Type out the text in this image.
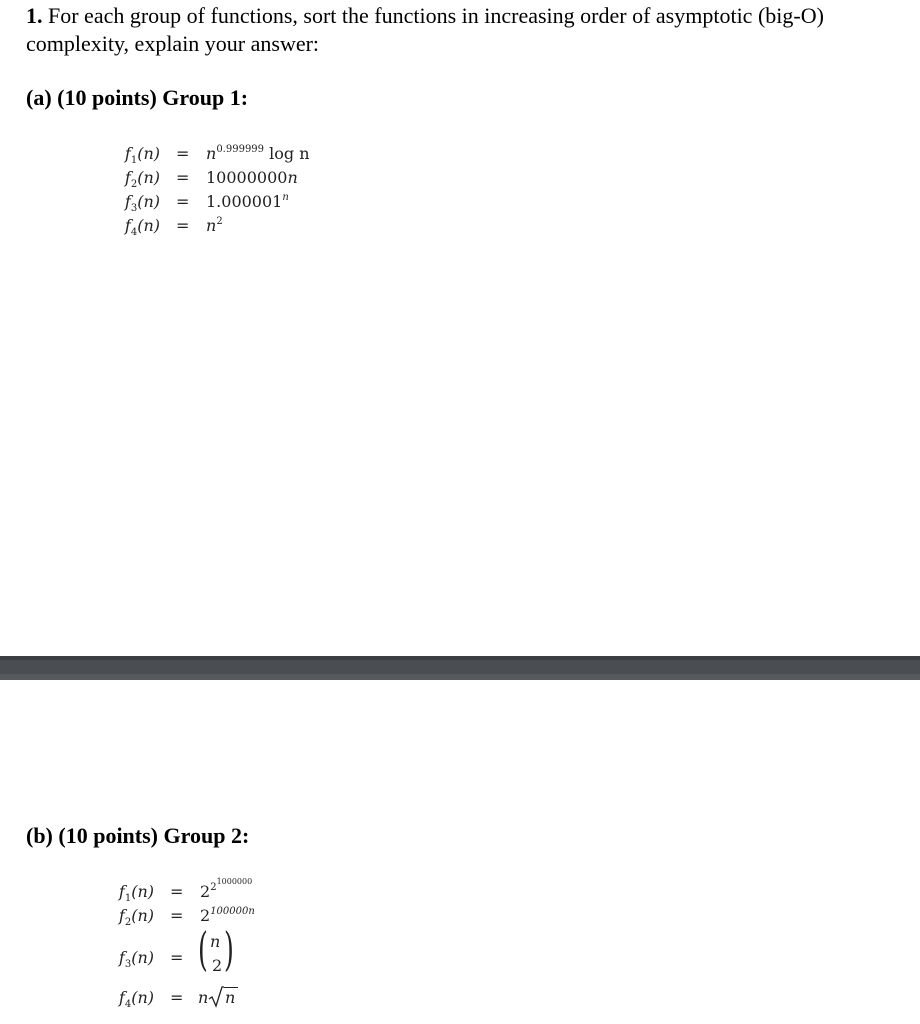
1. For each group of functions, sort the functions in increasing order of asymptotic (big-O) complexity, explain your answer:
(a) (10 points) Group 1:
$f_1(n) = n^{0.999999}$ log n
$f_2(n) = 10000000n$
$f_3(n) = 1.000001^n$
$f_4(n) = n^2$
(b) (10 points) Group 2:
$f_1(n) = 2^{2^{1000000}}$
$f_2(n) = 2^{100000n}$
$f_3(n)$ = ( n
2 )
$f_4(n) = n$ n
